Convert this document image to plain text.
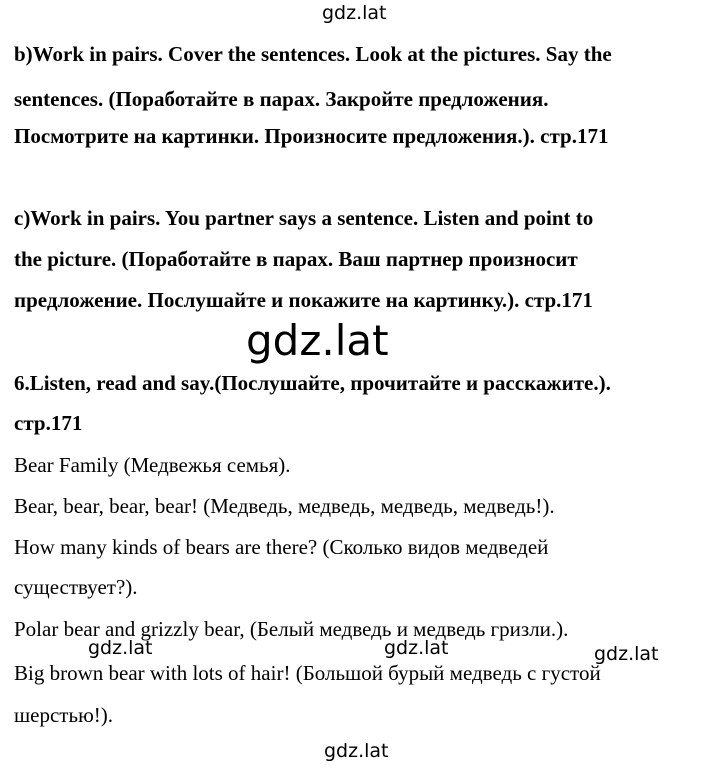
gdz.lat
b)Work in pairs. Cover the sentences. Look at the pictures. Say the
sentences. (Поработайте в парах. Закройте предложения.
Посмотрите на картинки. Произносите предложения.). стр.171
c)Work in pairs. You partner says a sentence. Listen and point to
the picture. (Поработайте в парах. Ваш партнер произносит
предложение. Послушайте и покажите на картинку.). стр.171
gdz.lat
6.Listen, read and say.(Послушайте, прочитайте и расскажите.).
стр.171
Bear Family (Медвежья семья).
Bear, bear, bear, bear! (Медведь, медведь, медведь, медведь!).
How many kinds of bears are there? (Сколько видов медведей
существует?).
Polar bear and grizzly bear, (Белый медведь и медведь гризли.).
Big brown bear with lots of hair! (Большой бурый медведь с густой
шерстью!).
gdz.lat	gdz.lat	gdz.lat
gdz.lat
